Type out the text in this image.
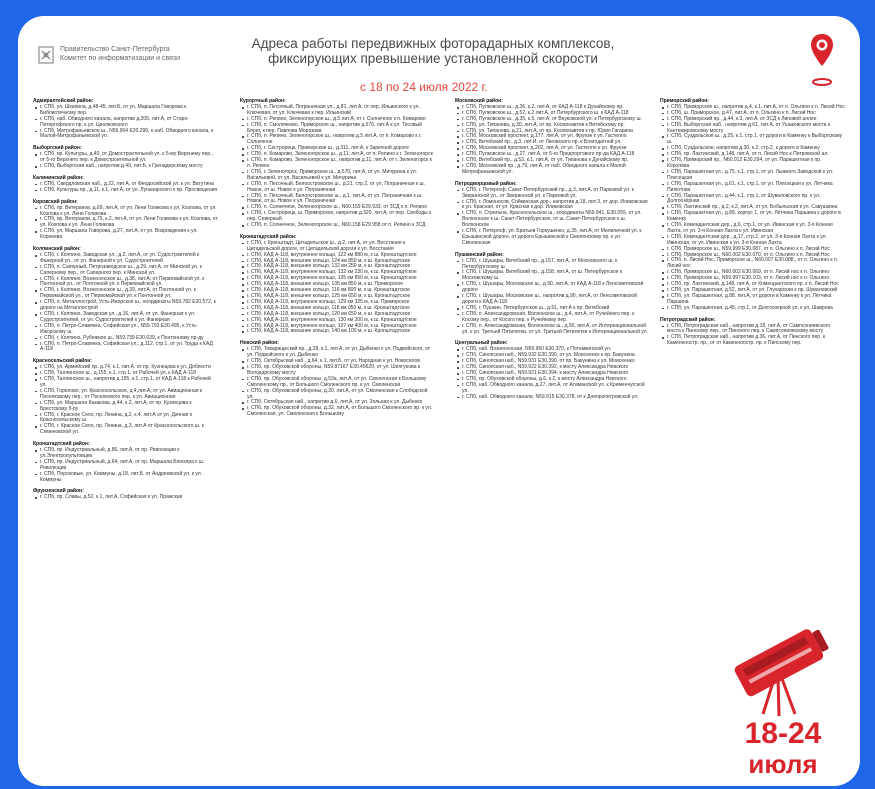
Правительство Санкт-Петербурга
Комитет по информатизации и связи
Адреса работы передвижных фоторадарных комплексов,
фиксирующих превышение установленной скорости
с 18 по 24 июля 2022 г.
Адмиралтейский район:
г. СПб, ул. Шкапина, д.48-45, лит.Б, от ул. Маршала Говорова к Библиотечному пер.
г. СПб, наб. Обводного канала, напротив д.205, лит.А, от Старо-Петергофского пр. к ул. Циолковского
г. СПб, Митрофаньевское ш., N59.904 E30.299, к наб. Обводного канала, к Малой-Митрофаньевской ул.
Выборгский район:
г. СПб, пр. Культуры, д.40, от Домостроительной ул. к 5-му Верхнему пер., от 5-го Верхнего пер. к Домостроительной ул.
г. СПб, Выборгская наб., напротив д.49, лит.Б, к Гренадерскому мосту
Калининский район:
г. СПб, Свердловская наб., д.22, лит.А, от Феодосийской ул. к ул. Ватутина
г. СПб, Культуры пр., д.11, к.1, лит.А, от ул. Луначарского к пр. Просвещения
Кировский район:
г. СПб, пр. Ветеранов, д.69, лит.А, от ул. Лени Голикова к ул. Козлова, от ул. Козлова к ул. Лени Голикова
г. СПб, пр. Ветеранов, д.75, к.2, лит.А, от ул. Лени Голикова к ул. Козлова, от ул. Козлова к ул. Лени Голикова
г. СПб, ул. Маршала Говорова, д.27, лит.А, от ул. Возрождения к ул. Корнеева
Колпинский район:
г. СПб, г. Колпино, Заводская ул., д.2, лит.А, от ул. Судостроителей к Фанерной ул., от ул. Фанерной к ул. Судостроителей
г. СПб, п. Саперный, Петрозаводское ш., д.29, лит.А, от Минской ул. к Саперному пер., от Саперного пер. к Минской ул.
г. СПб, г. Колпино, Вознесенское ш., д.38, лит.А, от Первомайской ул. к Понтонной ул., от Понтонной ул. к Первомайской ул.
г. СПб, г. Колпино, Вознесенское ш., д.39, лит.А, от Понтонной ул. к Первомайской ул., от Первомайской ул. к Понтонной ул.
г. СПб, п. Металлострой, Усть-Ижорское ш., координаты N59.782 E30.572, к дороге на Металлострой
г. СПб, г. Колпино, Заводская ул., д.16, лит.А, от ул. Фанерная к ул. Судостроителей, от ул. Судостроителей к ул. Фанерная
г. СПб, п. Петро-Славянка, Софийская ул., N59.793 E30.495, к Усть-Ижорскому ш.
г. СПб, г. Колпино, Рубежное ш., N59.739 E30.639, к Понтонному пр-ду
г. СПб, п. Петро-Славянка, Софийская ул., д.112, стр.1, от ул. Труда к КАД А-118
Красносельский район:
г. СПб, ул. Армейский пр. д.74, к.1, лит.А, от пр. Кузнецова к ул. Доблести
г. СПб, Таллинское ш., д.155, к.1, стр.1, от Рабочей ул. к КАД А-118
г. СПб, Таллинское ш., напротив д.155, к.1, стр.1, от КАД А-118 к Рабочей ул.
г. СПб, Горелово, ул. Красносельское, д.4,лит.А, от ул. Авиационная к Поселковому пер., от Поселкового пер. к ул. Авиационная
г. СПб, ул. Маршала Казакова, д.44, к.2, лит.А, от пр. Кузнецова к Брестскому б-ру
г. СПб, г. Красное Село, пр. Ленина, д.2, к.4, лит.А от ул. Дачная к Красносельскому ш.
г. СПб, г. Красное Село, пр. Ленина, д.3, лит.А от Красносельского ш. к Семеновской ул.
Кронштадтский район:
г. СПб, пр. Индустриальный, д.86, лит.А, от пр. Революции к ул.Электропультовцев
г. СПб, пр. Индустриальный, д.64, лит.А, от пр. Маршала Блюхера к ш. Революции
г. СПб, Пороховые, ул. Коммуны, д.18, лит.Б, от Андреевской ул. к ул. Коммуны
Фрунзенский район:
г. СПб, пр. Славы, д.52, к.1, лит.А, Софийская к ул. Пражская
Курортный район:
г. СПб, п. Песочный, Пограничная ул., д.81, лит.А, от пер. Ильинского к ул. Ключевая, от ул. Ключевая к пер. Ильинский
г. СПб, п. Репино, Зеленогорское ш., д.5 лит.А, от г. Солнечное к п. Комарово
г. СПб, п. Смолячково, Приморское ш., напротив д.676, лит.А к ул. Тесовый Берег, к пер. Павлова Морозова
г. СПб, п. Репино, Зеленогорское ш., напротив д.5 лит.А, от п. Комарово к г. Солнечное
г. СПб, г. Сестрорецк, Приморское ш., д.311, лит.А, к Заречной дороге
г. СПб, п. Комарово, Зеленогорское ш., д.11, лит.А, от п. Репино к г. Зеленогорск
г. СПб, п. Комарово, Зеленогорское ш., напротив д.11, лит.А, от г. Зеленогорск к п. Репино
г. СПб, г. Зеленогорск, Приморское ш., д.570, лит.А, от ул. Мичурина к ул. Васильевой, от ул. Васильевой к ул. Мичурина
г. СПб, п. Песочный, Белоостровское ш., д.21, стр.2, от ул. Пограничная к ш. Новое, от ш. Новое к ул. Пограничная
г. СПб, п. Песочный, Белоостровское ш., д.1, лит.А, от ул. Пограничная к ш. Новое, от ш. Новое к ул. Пограничная
г. СПб, п. Солнечное, Зеленогорское ш., N60.159 E29.933, от ЗСД к п. Репино
г. СПб, г. Сестрорецк, ш. Приморское, напротив д.320, лит.А, от пер. Свободы к пер. Северный
г. СПб, п. Солнечное, Зеленогорское ш., N60.158 E29.958 от п. Репино к ЗСД
Кронштадтский район:
г. СПб, г. Кронштадт, Цитадельское ш., д.2, лит.А, от ул. Восстания к Цитадельской дороге, от Цитадельской дороги к ул. Восстания
г. СПб, КАД А-118, внутреннее кольцо, 122 км 880 м, к ш. Кронштадтское
г. СПб, КАД А-118, внешнее кольцо, 124 км 850 м, к ш. Кронштадтское
г. СПб, КАД А-118, внешнее кольцо, 132 км 250 м, к ш. Кронштадтское
г. СПб, КАД А-118, внутреннее кольцо, 132 км 230 м, к ш. Кронштадтское
г. СПб, КАД А-118, внутреннее кольцо, 135 км 850 м, к ш. Кронштадтское
г. СПб, КАД А-118, внешнее кольцо, 135 км 850 м, к ш. Приморское
г. СПб, КАД А-118, внешнее кольцо, 116 км 800 м, к ш. Кронштадтское
г. СПб, КАД А-118, внешнее кольцо, 125 км 650 м, к ш. Кронштадтское
г. СПб, КАД А-118, внутреннее кольцо, 129 км 325 м, к ш. Приморское
г. СПб, КАД А-118, внешнее кольцо, 118 км 050 м, к ш. Кронштадтское
г. СПб, КАД А-118, внешнее кольцо, 120 км 650 м, к ш. Кронштадтское
г. СПб, КАД А-118, внутреннее кольцо, 130 км 200 м, к ш. Кронштадтское
г. СПб, КАД А-118, внутреннее кольцо, 137 км 400 м, к ш. Кронштадтское
г. СПб, КАД А-118, внешнее кольцо, 140 км 100 м, к ш. Кронштадтское
Невский район:
г. СПб, Товарищеский пр., д.28, к.1, лит.А, от ул. Дыбенко к ул. Подвойского, от ул. Подвойского к ул. Дыбенко
г. СПб, Октябрьская наб., д.64, к.1, лит.Б, от ул. Народная к ул. Новоселов
г. СПб, пр. Обуховской обороны, N59.87167 E30.45629, от ул. Шелгунова к Володарскому мосту
г. СПб, пр. Обуховской обороны, д.53а, лит.А, от ул. Смоленская к Большому Смоленскому пр., от Большого Смоленского пр. к ул. Смоленская
г. СПб, пр. Обуховской обороны, д.20, лит.А, от ул. Смоленская к Слободской ул.
г. СПб, Октябрьская наб., напротив д.6, лит.А, от ул. Зольная к ул. Дыбенко
г. СПб, пр. Обуховской обороны, д.32, лит.А, от Большого Смоленского пр. к ул. Смоленская, ул. Смоленская к Большому
Московский район:
г. СПб, Пулковское ш., д.36, к.2, лит.А, от КАД А-118 к Дунайскому пр.
г. СПб, Пулковское ш., д.52, к.2 лит.А, от Петербургского ш. к КАД А-118
г. СПб, Пулковское ш., д.35, к.5, лит.А, от Внуковской ул. к Петербургскому ш.
г. СПб, ул. Типанова, д.30, лит.А, от пр. Космонавтов к Витебскому пр.
г. СПб, ул. Типанова, д.21, лит.А, от пр. Космонавтов к пр. Юрия Гагарина
г. СПб, Московский проспект, д.177, лит.А, от ул. Фрунзе к ул. Гастелло
г. СПб, Витебский пр., д.3, лит.И, от Лиговского пр. к Благодатной ул.
г. СПб, Московский проспект, д.202, лит.А, от ул. Гастелло к ул. Фрунзе
г. СПб, Пулковское ш., д.27, лит.А, от 5-го Предпортового пр-да КАД А-118
г. СПб, Витебский пр., д.53, к.1, лит.А, от ул. Типанова к Дунайскому пр.
г. СПб, Московский пр., д.79, лит.А, от наб. Обводного канала к Малой Митрофаньевской ул.
Петродворцовый район:
г. СПб, г. Петергоф, Санкт-Петербургский пр., д.3, лит.А, от Парковой ул. к Зверинской ул., от Зверинской ул. к Парковой ул.
г. СПб, г. Ломоносов, Сойкинская дор., напротив д.18, лит.З, от дор. Иликовская к ул. Красная, от ул. Красная к дор. Иликовская
г. СПб, п. Стрельна, Красносельское ш., координаты N59.841, E30.059, от ул. Волхонское к ш. Санкт-Петербургское, от ш. Санкт-Петербургское к ш. Волхонское
г. СПб, г. Петергоф, ул. Братьев Горкушенко, д.35, лит.А, от Мелиличной ул. к Ерышинской дороге, от дороги Ерышинской к Смоленскому пр. к ул. Смоленская
Пушкинский район:
г. СПб, г. Шушары, Витебский пр., д.157, лит.А, от Московского ш. к Петербургскому ш.
г. СПб, г. Шушары, Витебский пр., д.158, лит.А, от ш. Петербургское к Московскому ш.
г. СПб, г. Шушары, Московское ш., д.90, лит.А, от КАД А-118 к Ленсоветовской дороге
г. СПб, г. Шушары, Московское ш., напротив д.90, лит.А, от Ленсоветовской дороги к КАД А-118
г. СПб, г. Пушкин, Петербургское ш., д.51, лит.А к пр. Витебский
г. СПб, п. Александровская, Волхонское ш., д.4, лит.А, от Ручейного пер. к Косому пер., от Косого пер. к Ручейному пер.
г. СПб, п. Александровская, Волхонское ш., д.50, лит.А, от Интернациональной ул. к ул. Третьей Пятилетки, от ул. Третьей Пятилетки к Интернациональной ул.
Центральный район:
г. СПб, наб. Вознесенская, N59.950 E30.370, к Потемкинской ул.
г. СПб, Синопская наб., N59.932 E30.390, от ул. Моисеенко к пр. Бакунина
г. СПб, Синопская наб., N59.931 E30.390, от пр. Бакунина к ул. Моисеенко
г. СПб, Синопская наб., N59.922 E30.392, к мосту Александра Невского
г. СПб, Синопская наб., N59.921 E30.394, к мосту Александра Невского
г. СПб, пр. Обуховской обороны, д.6, к.2, к мосту Александра Невского
г. СПб, наб. Обводного канала, д.27, лит.А, от Атаманской ул. к Кременчугской ул.
г. СПб, наб. Обводного канала, N59.915 E30.378, от к Днепропетровской ул.
Приморский район:
г. СПб, Приморское ш., напротив д.4, к.1, лит.А, от п. Ольгино к п. Лисий Нос
г. СПб, ш. Приморское, д.47, лит.А, от п. Ольгино к п. Лисий Нос
г. СПб, Приморский пр., д.44, к.3, лит.А, от ЗСД к Липовой аллее
г. СПб, Выборгская наб., напротив д.61, лит.А, от Ушаковского моста к Кантемировскому мосту
г. СПб, Суздальское ш., д.25, к.1, стр.1, от дороги в Каменку к Выборгскому ш.
г. СПб, Суздальское, напротив д.30, к.2, стр.2, к дороге в Каменку
г. СПб, пр. Лахтинский, д.148, лит.А, от п. Лисий Нос к Петровской ал.
г. СПб, Приморский пр., N60.012 E30.294, от ул. Парашютная к пр. Королёва
г. СПб, Парашютная ул., д.75, к.1, стр.1, от ул. Лыжного Заводской к ул. Плесецкая
г. СПб, Парашютная ул., д.61, к.1, стр.1, от ул. Плесецкая к ул. Лётчика Пилютова
г. СПб, Парашютная ул., д.44, к.1, стр.1, от Шуваловского пр. к ул. Долгоозёрная
г. СПб, Лахтинский пр., д.2, к.2, лит.А, от ул. Бобыльская к ул. Савушкина
г. СПб, Парашютная ул., д.89, корпус 1, от ул. Лётчика Паршина к дороге в Каменку
г. СПб, Комендантская дор., д.6, стр.1, от ул. Ивинская к ул. 3-я Конная Лахта, от ул. 3-я Конная Лахта к ул. Ивинская
г. СПб, Комендантская дор., д.17, стр.2, от ул. 3-я Конная Лахта к ул. Ивинская, от ул. Ивинская к ул. 3-я Конная Лахта
г. СПб, Приморское ш., N59.999 E30.087, от п. Ольгино к п. Лисий Нос
г. СПб, Приморское ш., N60.002 E30.070, от п. Ольгино к п. Лисий Нос
г. СПб, п. Лисий Нос, Приморское ш., N60.007 E30.088., от п. Ольгино к п. Лисий нос
г. СПб, Приморское ш., N60.002 E30.069, от п. Лисий нос к п. Ольгино
г. СПб, Приморское ш., N59.997 E30.103, от п. Лисий нос к п. Ольгино
г. СПб, пр. Лахтинский, д.148, лит.А, от Комендантского пр. к п. Лисий Нос
г. СПб, ул. Парашютная, д.52, лит.А, от ул. Глухарская к пр. Шуваловский
г. СПб, ул. Парашютная, д.88, лит.А, от дороги в Каменку к ул. Лётчика Паршина
г. СПб, ул. Парашютная, д.45, стр.1, от Долгоозерной ул. к ул. Шаврова
Петроградский район:
г. СПб, Петроградская наб., напротив д.18, лит.А, от Сампсониевского моста к Пинскому пер., от Пинского пер. к Сампсониевскому мосту
г. СПб, Петроградская наб., напротив д.36, лит.А, от Пинского пер. к Каменноостр. пр., от от Каменноостр. пр. к Пинскому пер.
18-24
июля
